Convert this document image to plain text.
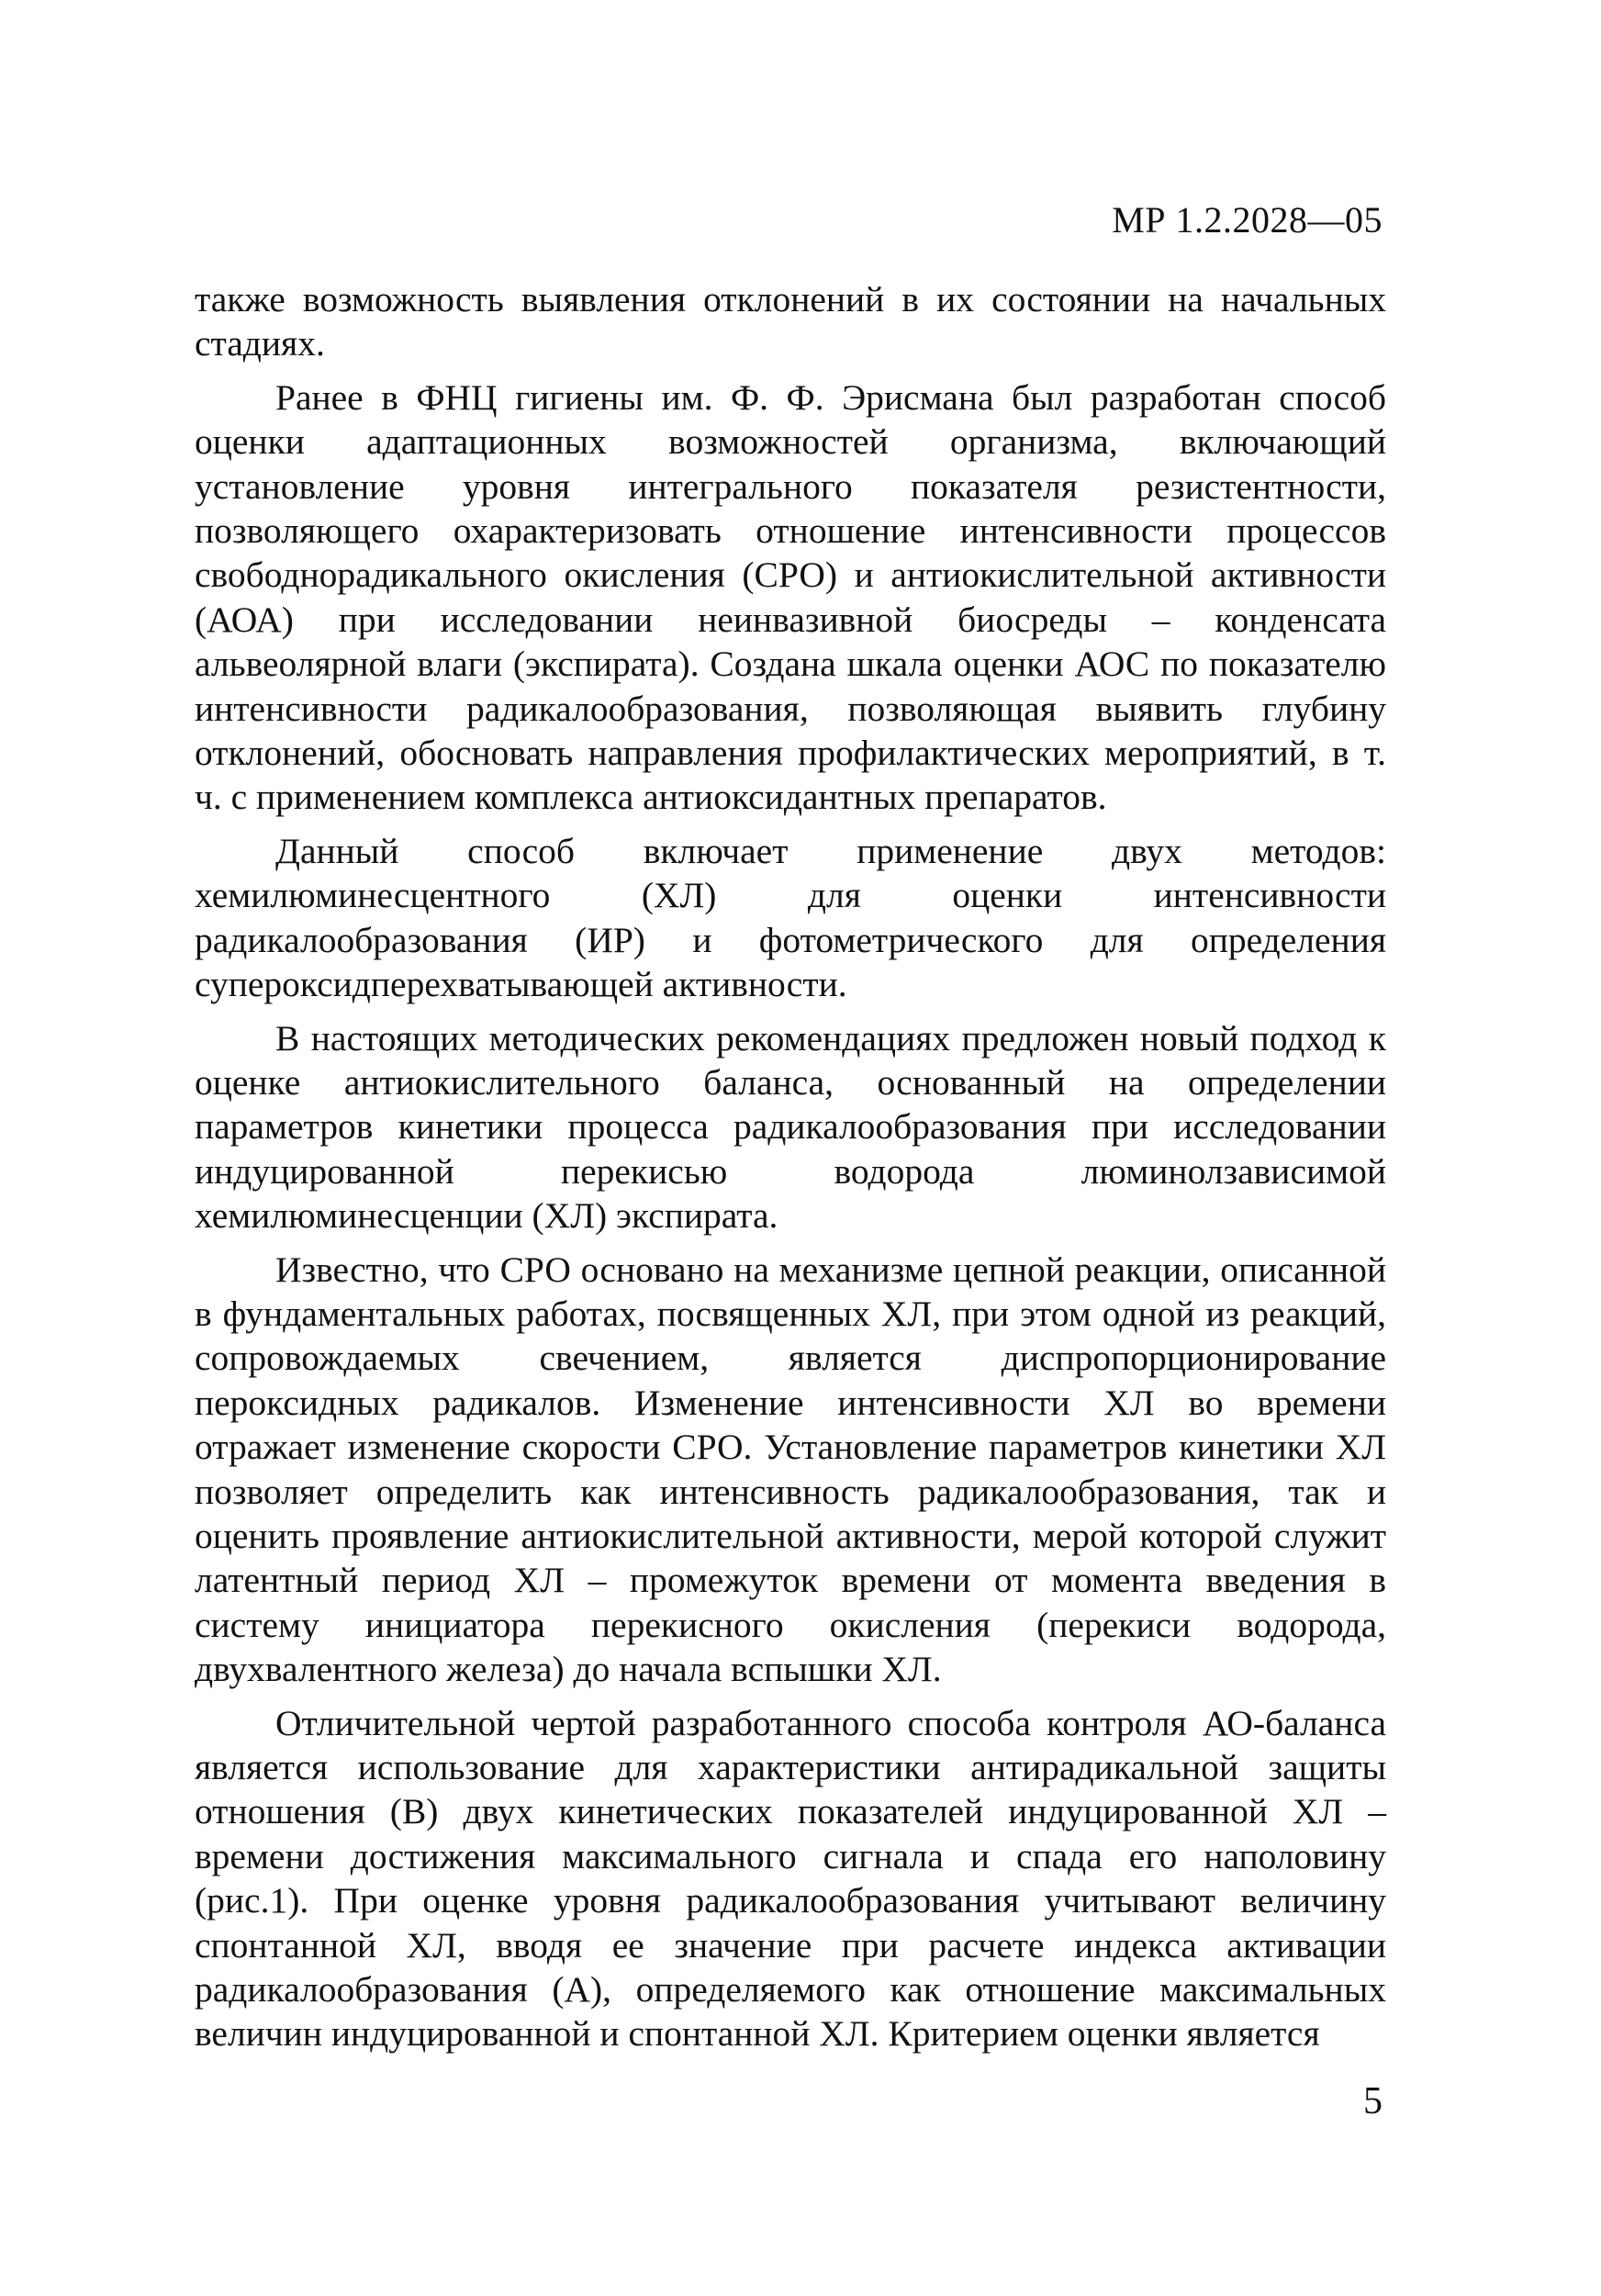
МР 1.2.2028—05

также возможность выявления отклонений в их состоянии на начальных стадиях.

Ранее в ФНЦ гигиены им. Ф. Ф. Эрисмана был разработан способ оценки адаптационных возможностей организма, включающий установление уровня интегрального показателя резистентности, позволяющего охарактеризовать отношение интенсивности процессов свободнорадикального окисления (СРО) и антиокислительной активности (АОА) при исследовании неинвазивной биосреды – конденсата альвеолярной влаги (экспирата). Создана шкала оценки АОС по показателю интенсивности радикалообразования, позволяющая выявить глубину отклонений, обосновать направления профилактических мероприятий, в т. ч. с применением комплекса антиоксидантных препаратов.

Данный способ включает применение двух методов: хемилюминесцентного (ХЛ) для оценки интенсивности радикалообразования (ИР) и фотометрического для определения супероксидперехватывающей активности.

В настоящих методических рекомендациях предложен новый подход к оценке антиокислительного баланса, основанный на определении параметров кинетики процесса радикалообразования при исследовании индуцированной перекисью водорода люминолзависимой хемилюминесценции (ХЛ) экспирата.

Известно, что СРО основано на механизме цепной реакции, описанной в фундаментальных работах, посвященных ХЛ, при этом одной из реакций, сопровождаемых свечением, является диспропорционирование пероксидных радикалов. Изменение интенсивности ХЛ во времени отражает изменение скорости СРО. Установление параметров кинетики ХЛ позволяет определить как интенсивность радикалообразования, так и оценить проявление антиокислительной активности, мерой которой служит латентный период ХЛ – промежуток времени от момента введения в систему инициатора перекисного окисления (перекиси водорода, двухвалентного железа) до начала вспышки ХЛ.

Отличительной чертой разработанного способа контроля АО-баланса является использование для характеристики антирадикальной защиты отношения (В) двух кинетических показателей индуцированной ХЛ – времени достижения максимального сигнала и спада его наполовину (рис.1). При оценке уровня радикалообразования учитывают величину спонтанной ХЛ, вводя ее значение при расчете индекса активации радикалообразования (А), определяемого как отношение максимальных величин индуцированной и спонтанной ХЛ. Критерием оценки является

5
